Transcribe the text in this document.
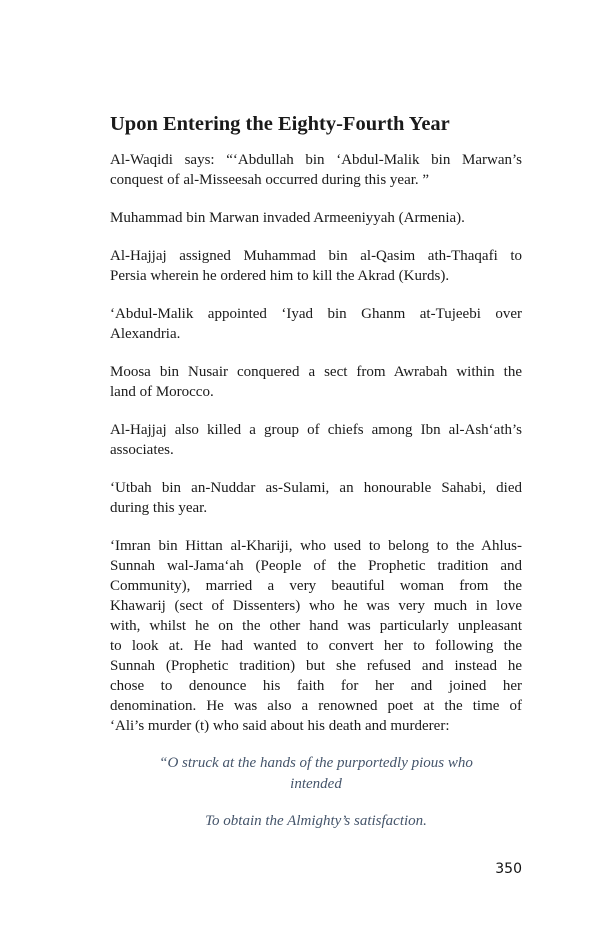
Upon Entering the Eighty-Fourth Year
Al-Waqidi says: “‘Abdullah bin ‘Abdul-Malik bin Marwan’s
conquest of al-Misseesah occurred during this year. ”
Muhammad bin Marwan invaded Armeeniyyah (Armenia).
Al-Hajjaj assigned Muhammad bin al-Qasim ath-Thaqafi to
Persia wherein he ordered him to kill the Akrad (Kurds).
‘Abdul-Malik appointed ‘Iyad bin Ghanm at-Tujeebi over
Alexandria.
Moosa bin Nusair conquered a sect from Awrabah within the
land of Morocco.
Al-Hajjaj also killed a group of chiefs among Ibn al-Ash‘ath’s
associates.
‘Utbah bin an-Nuddar as-Sulami, an honourable Sahabi, died
during this year.
‘Imran bin Hittan al-Khariji, who used to belong to the Ahlus-
Sunnah wal-Jama‘ah (People of the Prophetic tradition and
Community), married a very beautiful woman from the
Khawarij (sect of Dissenters) who he was very much in love
with, whilst he on the other hand was particularly unpleasant
to look at. He had wanted to convert her to following the
Sunnah (Prophetic tradition) but she refused and instead he
chose to denounce his faith for her and joined her
denomination. He was also a renowned poet at the time of
‘Ali’s murder (t) who said about his death and murderer:
“O struck at the hands of the purportedly pious who
intended
To obtain the Almighty’s satisfaction.
350
